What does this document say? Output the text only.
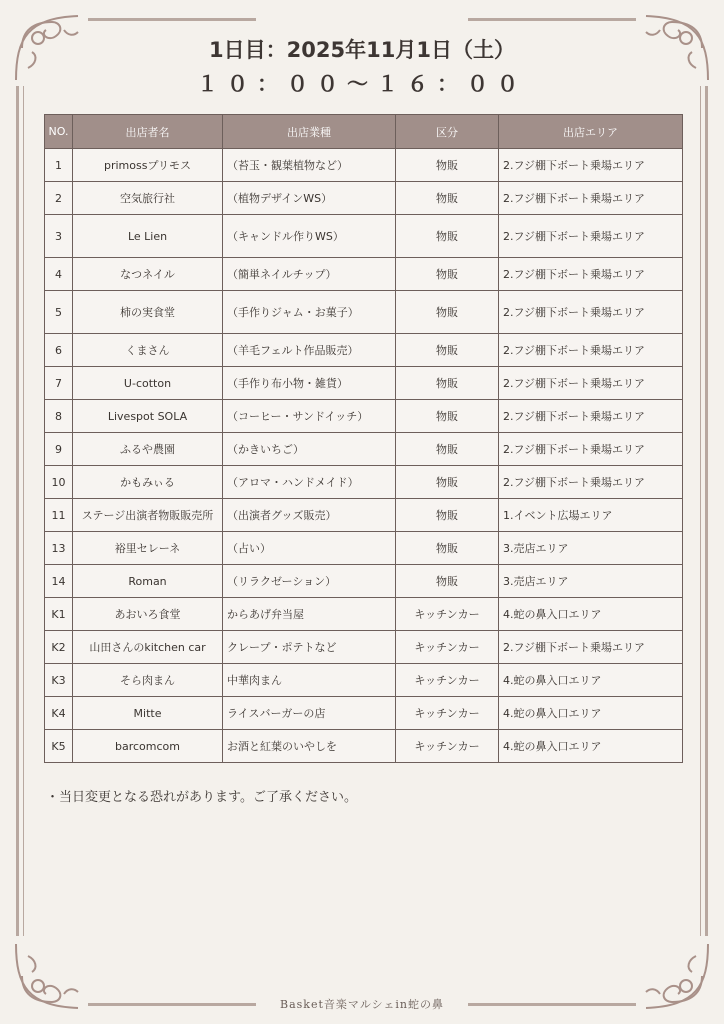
1日目：2025年11月1日（土）
１０：００～１６：００
NO.	出店者名	出店業種	区分	出店エリア
1	primossプリモス	（苔玉・観葉植物など）	物販	2.フジ棚下ボート乗場エリア
2	空気旅行社	（植物デザインWS）	物販	2.フジ棚下ボート乗場エリア
3	Le Lien	（キャンドル作りWS）	物販	2.フジ棚下ボート乗場エリア
4	なつネイル	（簡単ネイルチップ）	物販	2.フジ棚下ボート乗場エリア
5	柿の実食堂	（手作りジャム・お菓子）	物販	2.フジ棚下ボート乗場エリア
6	くまさん	（羊毛フェルト作品販売）	物販	2.フジ棚下ボート乗場エリア
7	U-cotton	（手作り布小物・雑貨）	物販	2.フジ棚下ボート乗場エリア
8	Livespot SOLA	（コーヒー・サンドイッチ）	物販	2.フジ棚下ボート乗場エリア
9	ふるや農園	（かきいちご）	物販	2.フジ棚下ボート乗場エリア
10	かもみぃる	（アロマ・ハンドメイド）	物販	2.フジ棚下ボート乗場エリア
11	ステージ出演者物販販売所	（出演者グッズ販売）	物販	1.イベント広場エリア
13	裕里セレーネ	（占い）	物販	3.売店エリア
14	Roman	（リラクゼーション）	物販	3.売店エリア
K1	あおいろ食堂	からあげ弁当屋	キッチンカー	4.蛇の鼻入口エリア
K2	山田さんのkitchen car	クレープ・ポテトなど	キッチンカー	2.フジ棚下ボート乗場エリア
K3	そら肉まん	中華肉まん	キッチンカー	4.蛇の鼻入口エリア
K4	Mitte	ライスバーガーの店	キッチンカー	4.蛇の鼻入口エリア
K5	barcomcom	お酒と紅葉のいやしを	キッチンカー	4.蛇の鼻入口エリア
・当日変更となる恐れがあります。ご了承ください。
Basket音楽マルシェin蛇の鼻
